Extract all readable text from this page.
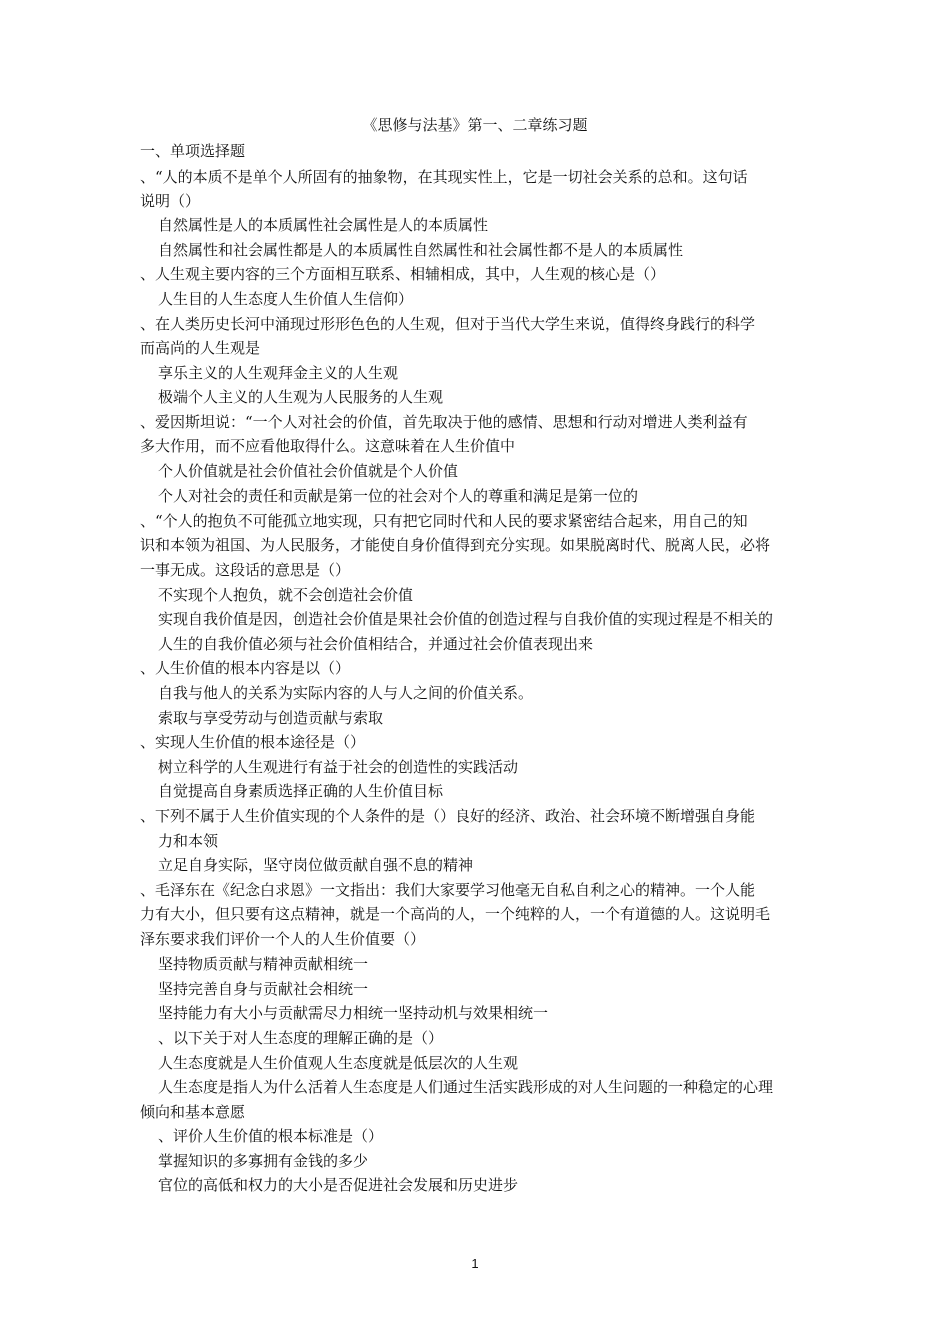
《思修与法基》第一、二章练习题
一、单项选择题
、“人的本质不是单个人所固有的抽象物，在其现实性上，它是一切社会关系的总和。这句话
说明（）
自然属性是人的本质属性社会属性是人的本质属性
自然属性和社会属性都是人的本质属性自然属性和社会属性都不是人的本质属性
、人生观主要内容的三个方面相互联系、相辅相成，其中，人生观的核心是（）
人生目的人生态度人生价值人生信仰）
、在人类历史长河中涌现过形形色色的人生观，但对于当代大学生来说，值得终身践行的科学
而高尚的人生观是
享乐主义的人生观拜金主义的人生观
极端个人主义的人生观为人民服务的人生观
、爱因斯坦说：“一个人对社会的价值，首先取决于他的感情、思想和行动对增进人类利益有
多大作用，而不应看他取得什么。这意味着在人生价值中
个人价值就是社会价值社会价值就是个人价值
个人对社会的责任和贡献是第一位的社会对个人的尊重和满足是第一位的
、“个人的抱负不可能孤立地实现，只有把它同时代和人民的要求紧密结合起来，用自己的知
识和本领为祖国、为人民服务，才能使自身价值得到充分实现。如果脱离时代、脱离人民，必将
一事无成。这段话的意思是（）
不实现个人抱负，就不会创造社会价值
实现自我价值是因，创造社会价值是果社会价值的创造过程与自我价值的实现过程是不相关的
人生的自我价值必须与社会价值相结合，并通过社会价值表现出来
、人生价值的根本内容是以（）
自我与他人的关系为实际内容的人与人之间的价值关系。
索取与享受劳动与创造贡献与索取
、实现人生价值的根本途径是（）
树立科学的人生观进行有益于社会的创造性的实践活动
自觉提高自身素质选择正确的人生价值目标
、下列不属于人生价值实现的个人条件的是（）良好的经济、政治、社会环境不断增强自身能
力和本领
立足自身实际，坚守岗位做贡献自强不息的精神
、毛泽东在《纪念白求恩》一文指出：我们大家要学习他毫无自私自利之心的精神。一个人能
力有大小，但只要有这点精神，就是一个高尚的人，一个纯粹的人，一个有道德的人。这说明毛
泽东要求我们评价一个人的人生价值要（）
坚持物质贡献与精神贡献相统一
坚持完善自身与贡献社会相统一
坚持能力有大小与贡献需尽力相统一坚持动机与效果相统一
、以下关于对人生态度的理解正确的是（）
人生态度就是人生价值观人生态度就是低层次的人生观
人生态度是指人为什么活着人生态度是人们通过生活实践形成的对人生问题的一种稳定的心理
倾向和基本意愿
、评价人生价值的根本标准是（）
掌握知识的多寡拥有金钱的多少
官位的高低和权力的大小是否促进社会发展和历史进步
1
